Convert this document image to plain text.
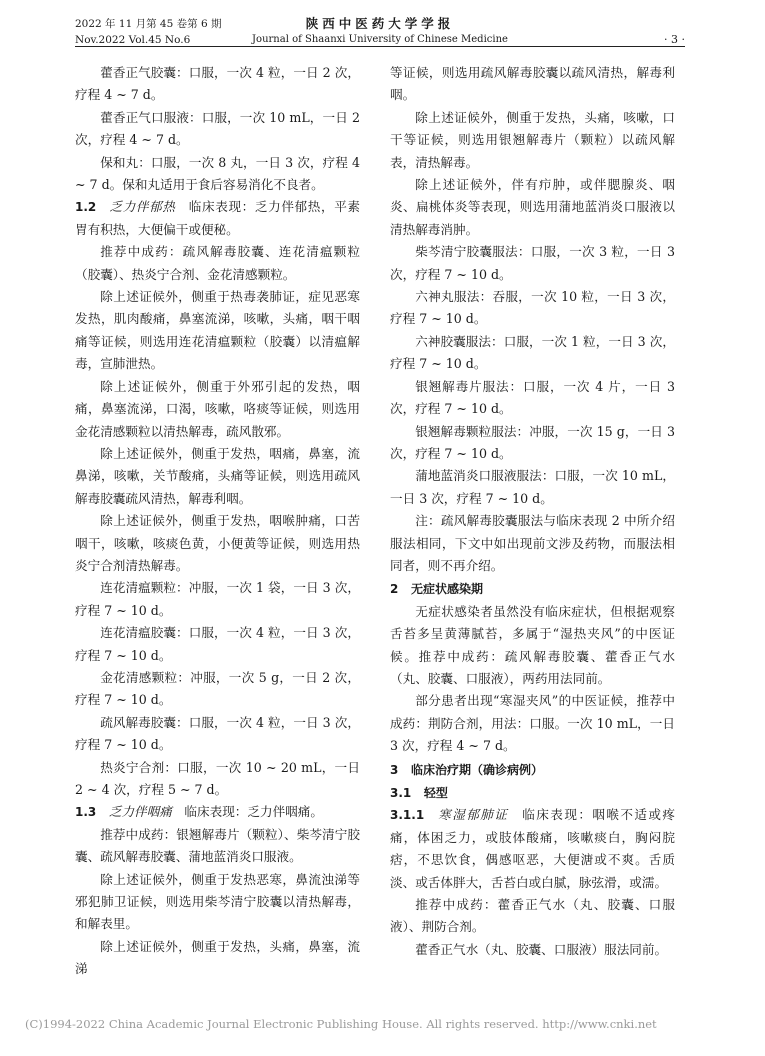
2022 年 11 月第 45 卷第 6 期
Nov.2022 Vol.45 No.6
陕西中医药大学学报
Journal of Shaanxi University of Chinese Medicine	· 3 ·

藿香正气胶囊：口服，一次 4 粒，一日 2 次，疗程 4 ~ 7 d。

藿香正气口服液：口服，一次 10 mL，一日 2 次，疗程 4 ~ 7 d。

保和丸：口服，一次 8 丸，一日 3 次，疗程 4 ~ 7 d。保和丸适用于食后容易消化不良者。

1.2  乏力伴郁热  临床表现：乏力伴郁热，平素胃有积热，大便偏干或便秘。

推荐中成药：疏风解毒胶囊、连花清瘟颗粒（胶囊）、热炎宁合剂、金花清感颗粒。

除上述证候外，侧重于热毒袭肺证，症见恶寒发热，肌肉酸痛，鼻塞流涕，咳嗽，头痛，咽干咽痛等证候，则选用连花清瘟颗粒（胶囊）以清瘟解毒，宣肺泄热。

除上述证候外，侧重于外邪引起的发热，咽痛，鼻塞流涕，口渴，咳嗽，咯痰等证候，则选用金花清感颗粒以清热解毒，疏风散邪。

除上述证候外，侧重于发热，咽痛，鼻塞，流鼻涕，咳嗽，关节酸痛，头痛等证候，则选用疏风解毒胶囊疏风清热，解毒利咽。

除上述证候外，侧重于发热，咽喉肿痛，口苦咽干，咳嗽，咳痰色黄，小便黄等证候，则选用热炎宁合剂清热解毒。

连花清瘟颗粒：冲服，一次 1 袋，一日 3 次，疗程 7 ~ 10 d。

连花清瘟胶囊：口服，一次 4 粒，一日 3 次，疗程 7 ~ 10 d。

金花清感颗粒：冲服，一次 5 g，一日 2 次，疗程 7 ~ 10 d。

疏风解毒胶囊：口服，一次 4 粒，一日 3 次，疗程 7 ~ 10 d。

热炎宁合剂：口服，一次 10 ~ 20 mL，一日 2 ~ 4 次，疗程 5 ~ 7 d。

1.3  乏力伴咽痛  临床表现：乏力伴咽痛。

推荐中成药：银翘解毒片（颗粒）、柴芩清宁胶囊、疏风解毒胶囊、蒲地蓝消炎口服液。

除上述证候外，侧重于发热恶寒，鼻流浊涕等邪犯肺卫证候，则选用柴芩清宁胶囊以清热解毒，和解表里。

除上述证候外，侧重于发热，头痛，鼻塞，流涕

等证候，则选用疏风解毒胶囊以疏风清热，解毒利咽。

除上述证候外，侧重于发热，头痛，咳嗽，口干等证候，则选用银翘解毒片（颗粒）以疏风解表，清热解毒。

除上述证候外，伴有疖肿，或伴腮腺炎、咽炎、扁桃体炎等表现，则选用蒲地蓝消炎口服液以清热解毒消肿。

柴芩清宁胶囊服法：口服，一次 3 粒，一日 3 次，疗程 7 ~ 10 d。

六神丸服法：吞服，一次 10 粒，一日 3 次，疗程 7 ~ 10 d。

六神胶囊服法：口服，一次 1 粒，一日 3 次，疗程 7 ~ 10 d。

银翘解毒片服法：口服，一次 4 片，一日 3 次，疗程 7 ~ 10 d。

银翘解毒颗粒服法：冲服，一次 15 g，一日 3 次，疗程 7 ~ 10 d。

蒲地蓝消炎口服液服法：口服，一次 10 mL，一日 3 次，疗程 7 ~ 10 d。

注：疏风解毒胶囊服法与临床表现 2 中所介绍服法相同，下文中如出现前文涉及药物，而服法相同者，则不再介绍。

2  无症状感染期

无症状感染者虽然没有临床症状，但根据观察舌苔多呈黄薄腻苔，多属于“湿热夹风”的中医证候。推荐中成药：疏风解毒胶囊、藿香正气水（丸、胶囊、口服液），两药用法同前。

部分患者出现“寒湿夹风”的中医证候，推荐中成药：荆防合剂，用法：口服。一次 10 mL，一日 3 次，疗程 4 ~ 7 d。

3  临床治疗期（确诊病例）

3.1  轻型

3.1.1  寒湿郁肺证  临床表现：咽喉不适或疼痛，体困乏力，或肢体酸痛，咳嗽痰白，胸闷脘痞，不思饮食，偶感呕恶，大便溏或不爽。舌质淡、或舌体胖大，舌苔白或白腻，脉弦滑，或濡。

推荐中成药：藿香正气水（丸、胶囊、口服液）、荆防合剂。

藿香正气水（丸、胶囊、口服液）服法同前。

(C)1994-2022 China Academic Journal Electronic Publishing House. All rights reserved. http://www.cnki.net
